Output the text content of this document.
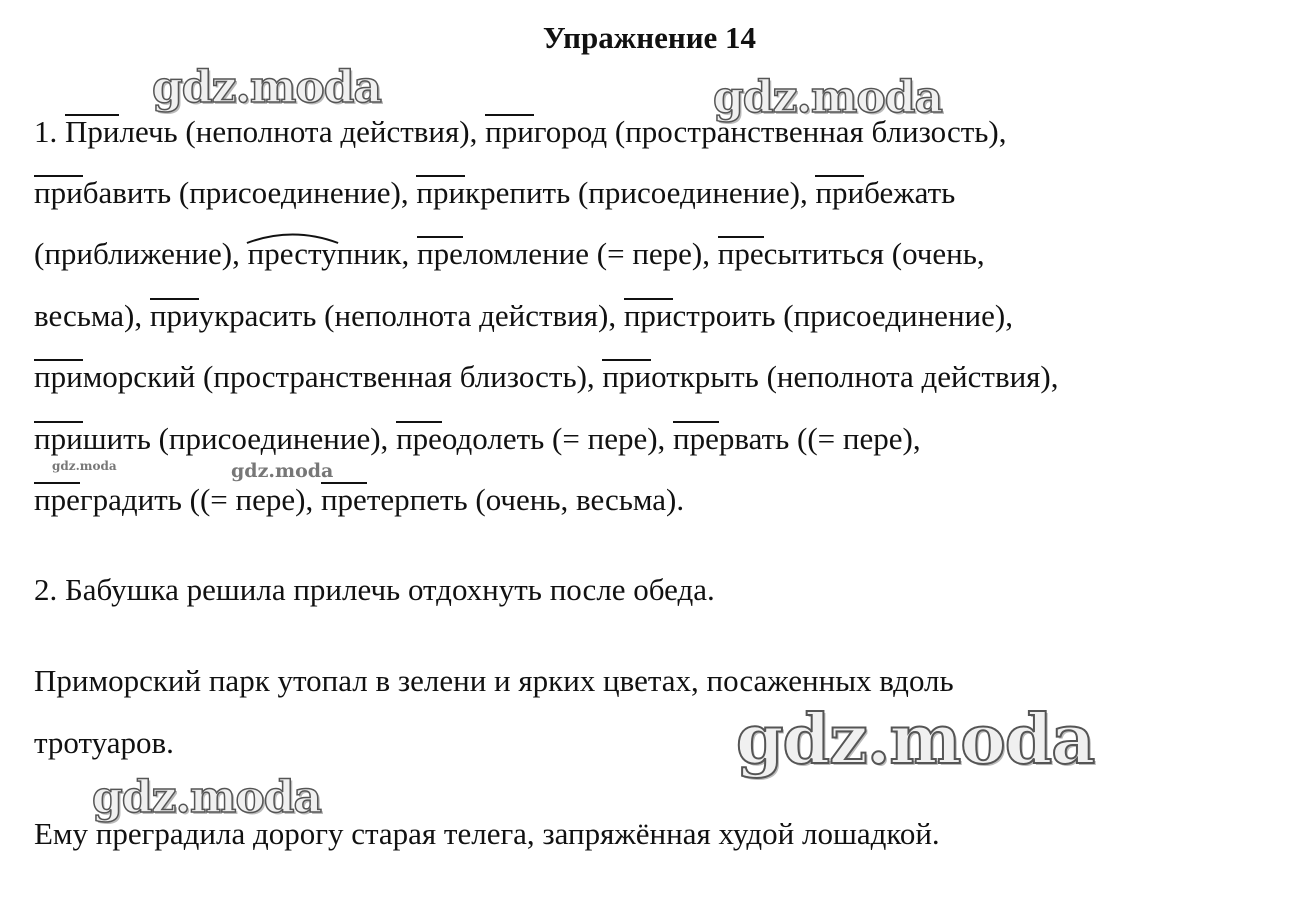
Упражнение 14

1. Прилечь (неполнота действия), пригород (пространственная близость),

прибавить (присоединение), прикрепить (присоединение), прибежать

(приближение), престу
пник, преломление (= пере), пресытиться (очень,

весьма), приукрасить (неполнота действия), пристроить (присоединение),

приморский (пространственная близость), приоткрыть (неполнота действия),

пришить (присоединение), преодолеть (= пере), прервать ((= пере),

преградить ((= пере), претерпеть (очень, весьма).

2. Бабушка решила прилечь отдохнуть после обеда.

Приморский парк утопал в зелени и ярких цветах, посаженных вдоль

тротуаров.

Ему преградила дорогу старая телега, запряжённая худой лошадкой.

gdz.moda	gdz.moda
gdz.moda	gdz.moda
gdz.moda
gdz.moda
